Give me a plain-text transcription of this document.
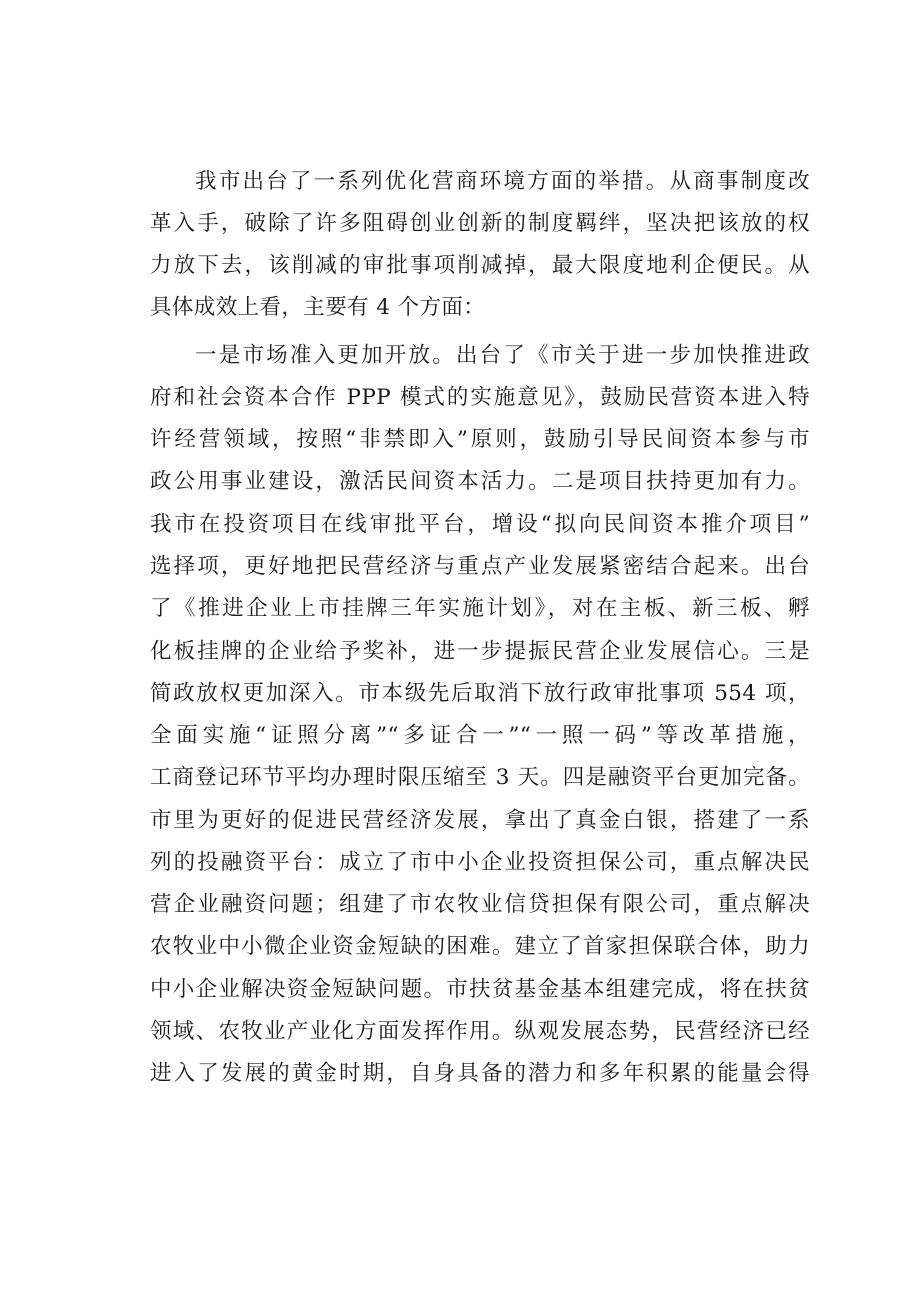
我市出台了一系列优化营商环境方面的举措。从商事制度改
革入手，破除了许多阻碍创业创新的制度羁绊，坚决把该放的权
力放下去，该削减的审批事项削减掉，最大限度地利企便民。从
具体成效上看，主要有 4 个方面：
一是市场准入更加开放。出台了《市关于进一步加快推进政
府和社会资本合作 PPP 模式的实施意见》，鼓励民营资本进入特
许经营领域，按照“非禁即入”原则，鼓励引导民间资本参与市
政公用事业建设，激活民间资本活力。二是项目扶持更加有力。
我市在投资项目在线审批平台，增设“拟向民间资本推介项目”
选择项，更好地把民营经济与重点产业发展紧密结合起来。出台
了《推进企业上市挂牌三年实施计划》，对在主板、新三板、孵
化板挂牌的企业给予奖补，进一步提振民营企业发展信心。三是
简政放权更加深入。市本级先后取消下放行政审批事项 554 项，
全面实施“证照分离”“多证合一”“一照一码”等改革措施，
工商登记环节平均办理时限压缩至 3 天。四是融资平台更加完备。
市里为更好的促进民营经济发展，拿出了真金白银，搭建了一系
列的投融资平台：成立了市中小企业投资担保公司，重点解决民
营企业融资问题；组建了市农牧业信贷担保有限公司，重点解决
农牧业中小微企业资金短缺的困难。建立了首家担保联合体，助力
中小企业解决资金短缺问题。市扶贫基金基本组建完成，将在扶贫
领域、农牧业产业化方面发挥作用。纵观发展态势，民营经济已经
进入了发展的黄金时期，自身具备的潜力和多年积累的能量会得
